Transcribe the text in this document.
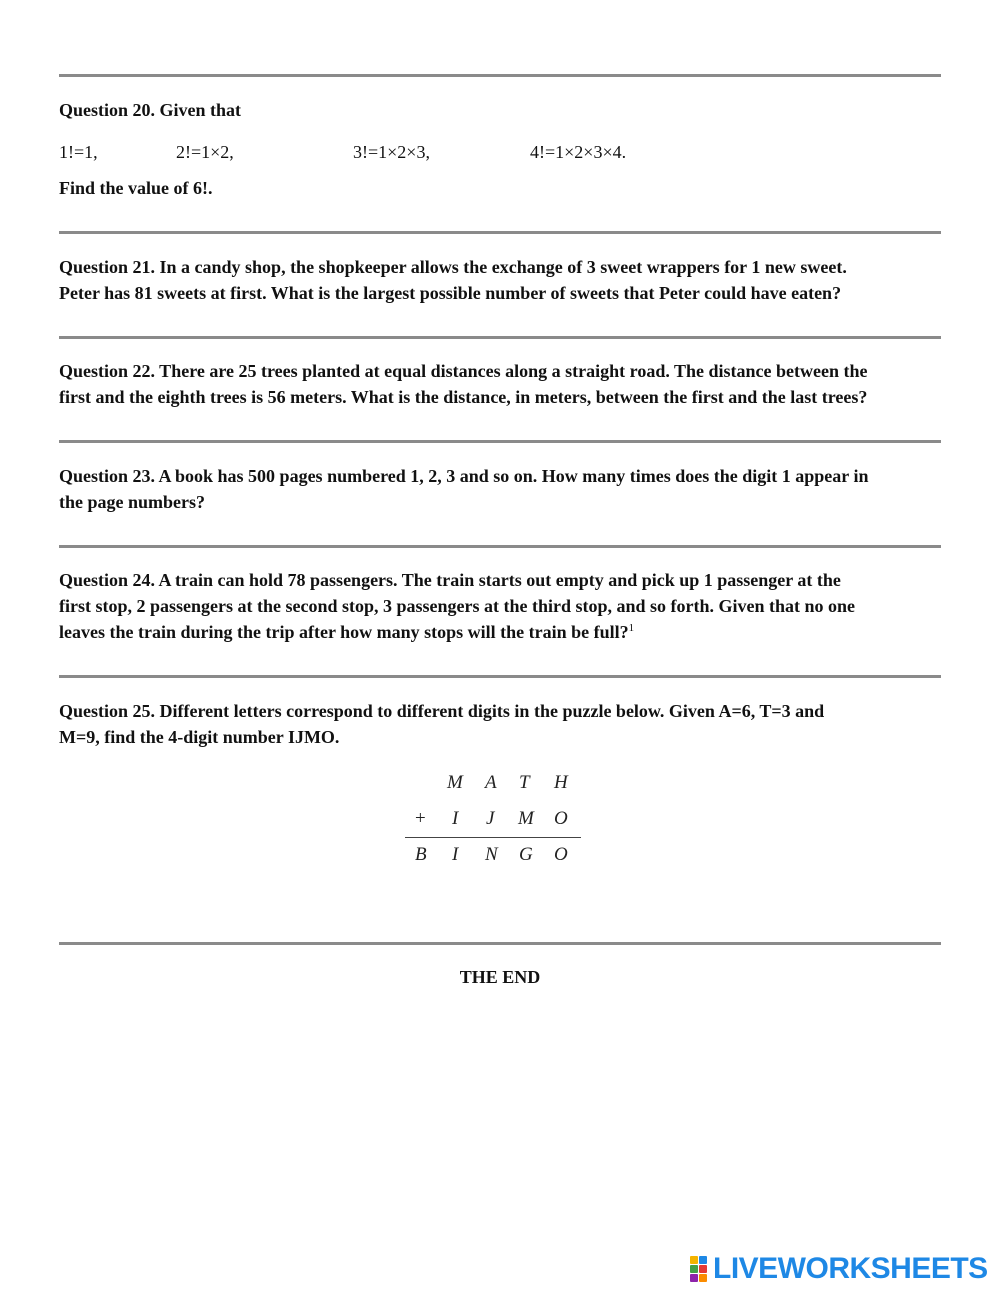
Question 20. Given that

1!=1,	2!=1×2,	3!=1×2×3,	4!=1×2×3×4.

Find the value of 6!.

Question 21. In a candy shop, the shopkeeper allows the exchange of 3 sweet wrappers for 1 new sweet.
Peter has 81 sweets at first. What is the largest possible number of sweets that Peter could have eaten?
Question 22. There are 25 trees planted at equal distances along a straight road. The distance between the
first and the eighth trees is 56 meters. What is the distance, in meters, between the first and the last trees?
Question 23. A book has 500 pages numbered 1, 2, 3 and so on. How many times does the digit 1 appear in
the page numbers?
Question 24. A train can hold 78 passengers. The train starts out empty and pick up 1 passenger at the
first stop, 2 passengers at the second stop, 3 passengers at the third stop, and so forth. Given that no one
leaves the train during the trip after how many stops will the train be full?$^1$
Question 25. Different letters correspond to different digits in the puzzle below. Given A=6, T=3 and
M=9, find the 4-digit number IJMO.
M A T H
+ I J M O
B I N G O
THE END
LIVEWORKSHEETS
